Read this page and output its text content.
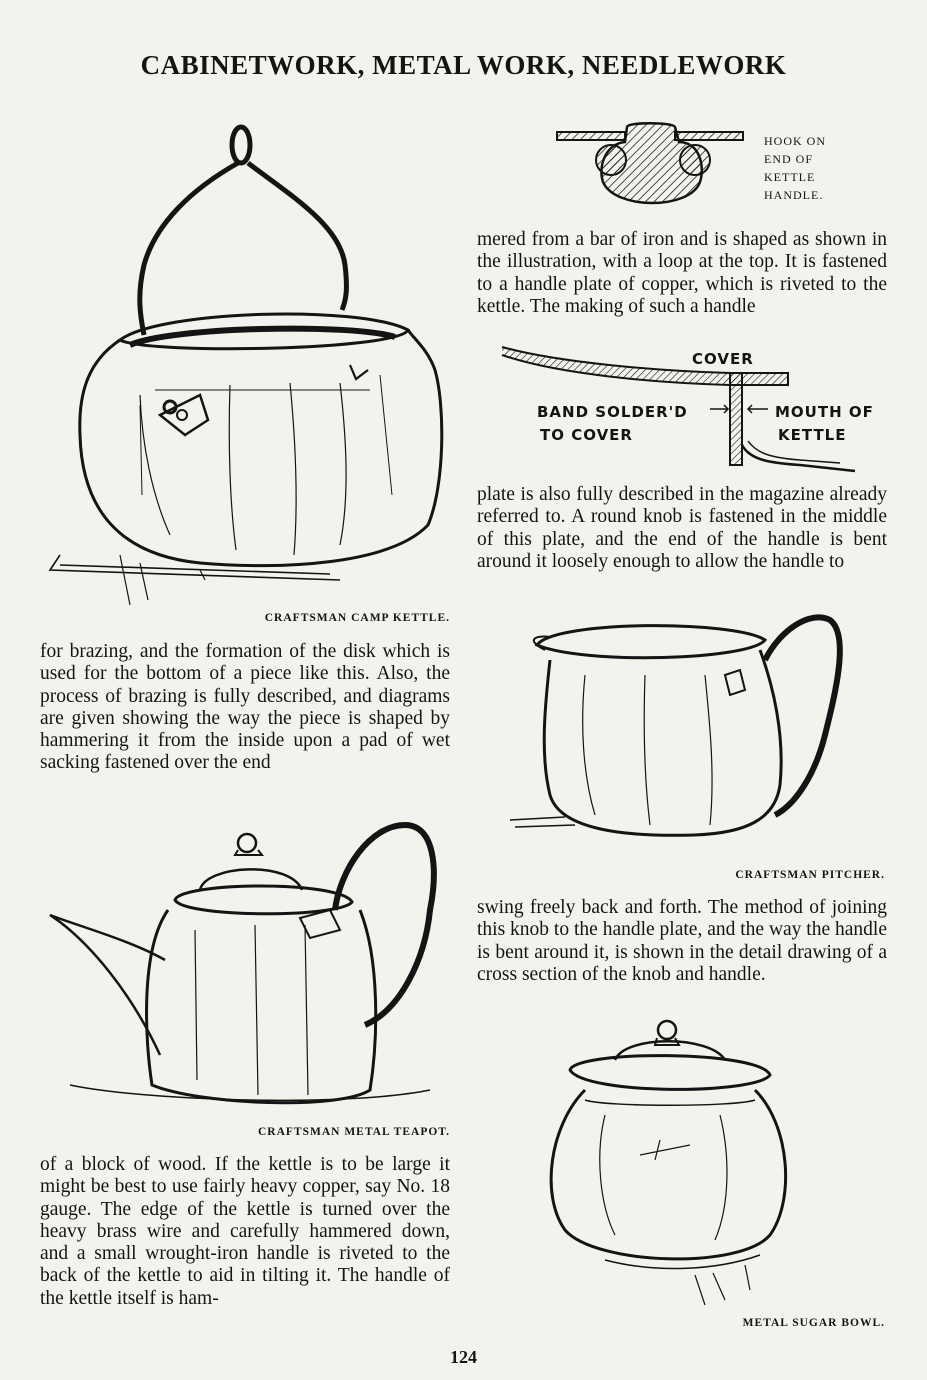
CABINETWORK, METAL WORK, NEEDLEWORK
HOOK ON
END OF
KETTLE
HANDLE.
COVER
BAND SOLDER'D
TO COVER
MOUTH OF
KETTLE
CRAFTSMAN CAMP KETTLE.
CRAFTSMAN METAL TEAPOT.
CRAFTSMAN PITCHER.
METAL SUGAR BOWL.

for brazing, and the formation of the disk which is used for the bottom of a piece like this. Also, the process of brazing is fully described, and diagrams are given showing the way the piece is shaped by hammering it from the inside upon a pad of wet sacking fastened over the end

of a block of wood. If the kettle is to be large it might be best to use fairly heavy copper, say No. 18 gauge. The edge of the kettle is turned over the heavy brass wire and carefully hammered down, and a small wrought-iron handle is riveted to the back of the kettle to aid in tilting it. The handle of the kettle itself is ham-

mered from a bar of iron and is shaped as shown in the illustration, with a loop at the top. It is fastened to a handle plate of copper, which is riveted to the kettle. The making of such a handle

plate is also fully described in the magazine already referred to. A round knob is fastened in the middle of this plate, and the end of the handle is bent around it loosely enough to allow the handle to

swing freely back and forth. The method of joining this knob to the handle plate, and the way the handle is bent around it, is shown in the detail drawing of a cross section of the knob and handle.

124
